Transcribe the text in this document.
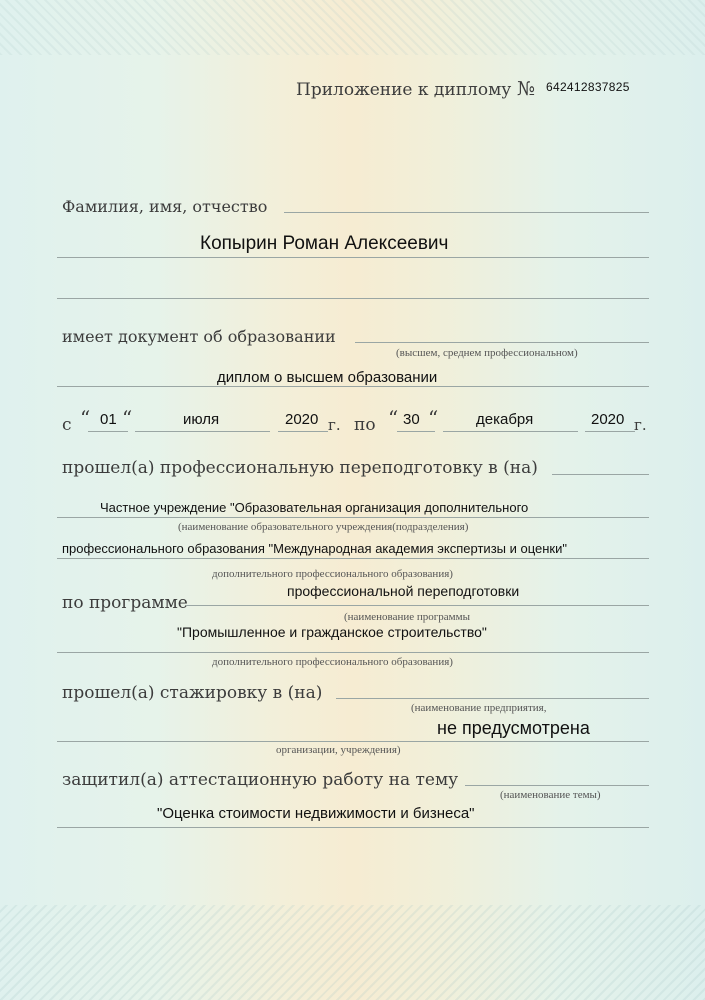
Приложение к диплому № 642412837825
Фамилия, имя, отчество
Копырин Роман Алексеевич
имеет документ об образовании
(высшем, среднем профессиональном)
диплом о высшем образовании
с “ 01 “	июля	2020 г. по “ 30 “	декабря	2020 г.
прошел(а) профессиональную переподготовку в (на)
Частное учреждение "Образовательная организация дополнительного
(наименование образовательного учреждения(подразделения)
профессионального образования "Международная академия экспертизы и оценки"
дополнительного профессионального образования)
по программе
профессиональной переподготовки
(наименование программы
"Промышленное и гражданское строительство"
дополнительного профессионального образования)
прошел(а) стажировку в (на)
(наименование предприятия,
не предусмотрена
организации, учреждения)
защитил(а) аттестационную работу на тему
(наименование темы)
"Оценка стоимости недвижимости и бизнеса"
